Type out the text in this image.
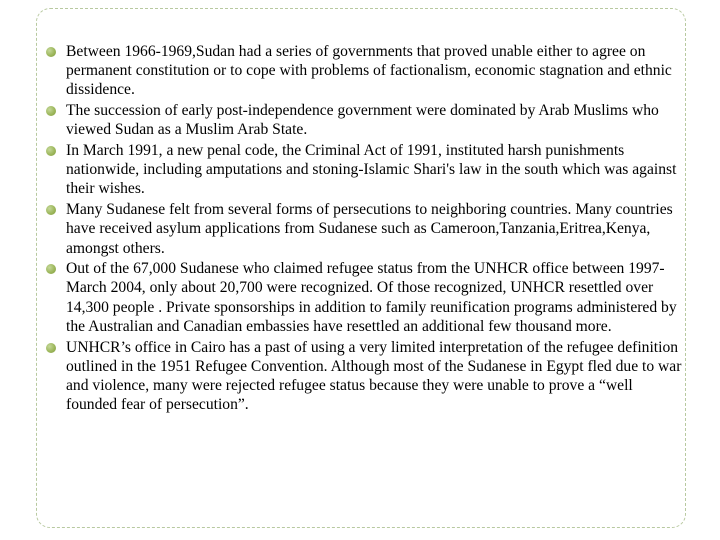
Between 1966-1969,Sudan had a series of governments that proved unable either to agree on permanent constitution or to cope with problems of factionalism, economic stagnation and ethnic dissidence.
The succession of early post-independence government were dominated by Arab Muslims who viewed Sudan as a Muslim Arab State.
In March 1991, a new penal code, the Criminal Act of 1991, instituted harsh punishments nationwide, including amputations and stoning-Islamic Shari's law in the south which was against their wishes.
Many Sudanese felt from several forms of persecutions to neighboring countries. Many countries have received asylum applications from Sudanese such as Cameroon,Tanzania,Eritrea,Kenya, amongst others.
Out of the 67,000 Sudanese who claimed refugee status from the UNHCR office between 1997-March 2004, only about 20,700 were recognized. Of those recognized, UNHCR resettled over 14,300 people . Private sponsorships in addition to family reunification programs administered by the Australian and Canadian embassies have resettled an additional few thousand more.
UNHCR’s office in Cairo has a past of using a very limited interpretation of the refugee definition outlined in the 1951 Refugee Convention. Although most of the Sudanese in Egypt fled due to war and violence, many were rejected refugee status because they were unable to prove a “well founded fear of persecution”.
